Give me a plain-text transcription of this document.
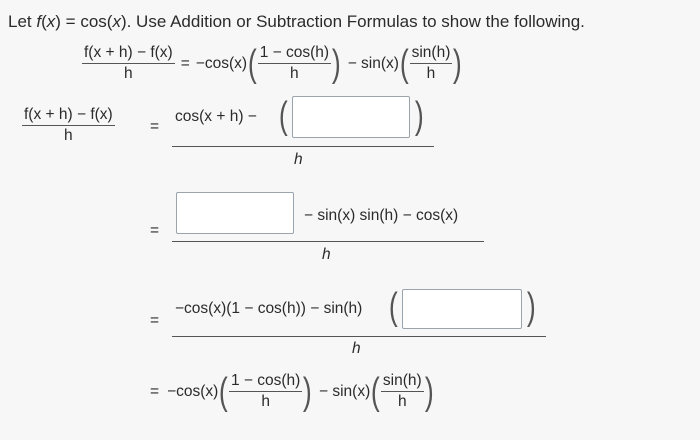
Let f(x) = cos(x). Use Addition or Subtraction Formulas to show the following.
$\frac{f(x + h) - f(x)}{h} = -\cos(x)$ ( $\frac{1 - \cos(h)}{h}$ ) − sin(x) ( $\frac{\sin(h)}{h}$ )
$\frac{f(x + h) - f(x)}{h}$ =
cos(x + h) − (	)
h
=
− sin(x) sin(h) − cos(x)
h
=
−cos(x)(1 − cos(h)) − sin(h) (	)
h
= −cos(x) ( $\frac{1 - \cos(h)}{h}$ ) − sin(x) ( $\frac{\sin(h)}{h}$ )
